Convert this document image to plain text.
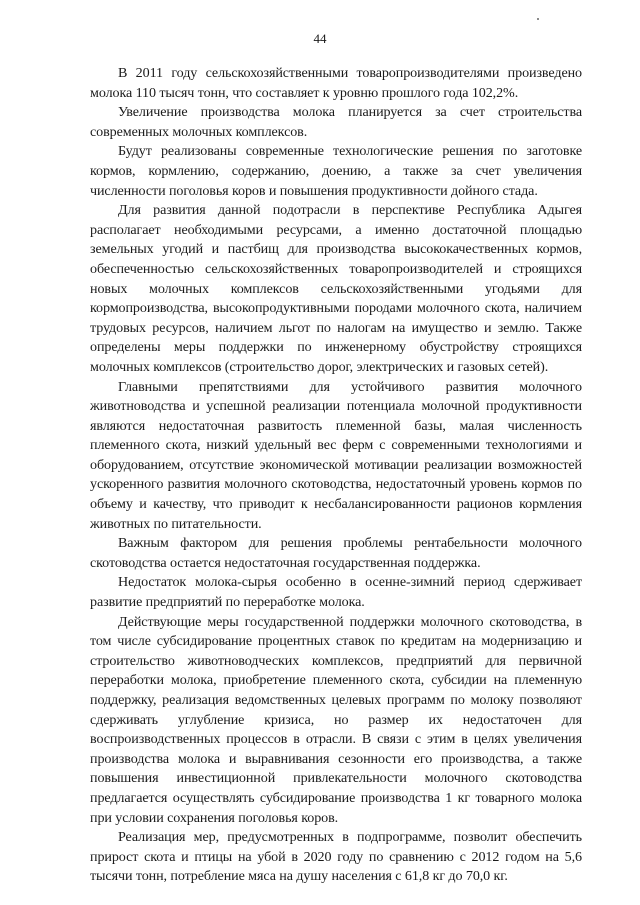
44

В 2011 году сельскохозяйственными товаропроизводителями произведено молока 110 тысяч тонн, что составляет к уровню прошлого года 102,2%.

Увеличение производства молока планируется за счет строительства современных молочных комплексов.

Будут реализованы современные технологические решения по заготовке кормов, кормлению, содержанию, доению, а также за счет увеличения численности поголовья коров и повышения продуктивности дойного стада.

Для развития данной подотрасли в перспективе Республика Адыгея располагает необходимыми ресурсами, а именно достаточной площадью земельных угодий и пастбищ для производства высококачественных кормов, обеспеченностью сельскохозяйственных товаропроизводителей и строящихся новых молочных комплексов сельскохозяйственными угодьями для кормопроизводства, высокопродуктивными породами молочного скота, наличием трудовых ресурсов, наличием льгот по налогам на имущество и землю. Также определены меры поддержки по инженерному обустройству строящихся молочных комплексов (строительство дорог, электрических и газовых сетей).

Главными препятствиями для устойчивого развития молочного животноводства и успешной реализации потенциала молочной продуктивности являются недостаточная развитость племенной базы, малая численность племенного скота, низкий удельный вес ферм с современными технологиями и оборудованием, отсутствие экономической мотивации реализации возможностей ускоренного развития молочного скотоводства, недостаточный уровень кормов по объему и качеству, что приводит к несбалансированности рационов кормления животных по питательности.

Важным фактором для решения проблемы рентабельности молочного скотоводства остается недостаточная государственная поддержка.

Недостаток молока-сырья особенно в осенне-зимний период сдерживает развитие предприятий по переработке молока.

Действующие меры государственной поддержки молочного скотоводства, в том числе субсидирование процентных ставок по кредитам на модернизацию и строительство животноводческих комплексов, предприятий для первичной переработки молока, приобретение племенного скота, субсидии на племенную поддержку, реализация ведомственных целевых программ по молоку позволяют сдерживать углубление кризиса, но размер их недостаточен для воспроизводственных процессов в отрасли. В связи с этим в целях увеличения производства молока и выравнивания сезонности его производства, а также повышения инвестиционной привлекательности молочного скотоводства предлагается осуществлять субсидирование производства 1 кг товарного молока при условии сохранения поголовья коров.

Реализация мер, предусмотренных в подпрограмме, позволит обеспечить прирост скота и птицы на убой в 2020 году по сравнению с 2012 годом на 5,6 тысячи тонн, потребление мяса на душу населения с 61,8 кг до 70,0 кг.
